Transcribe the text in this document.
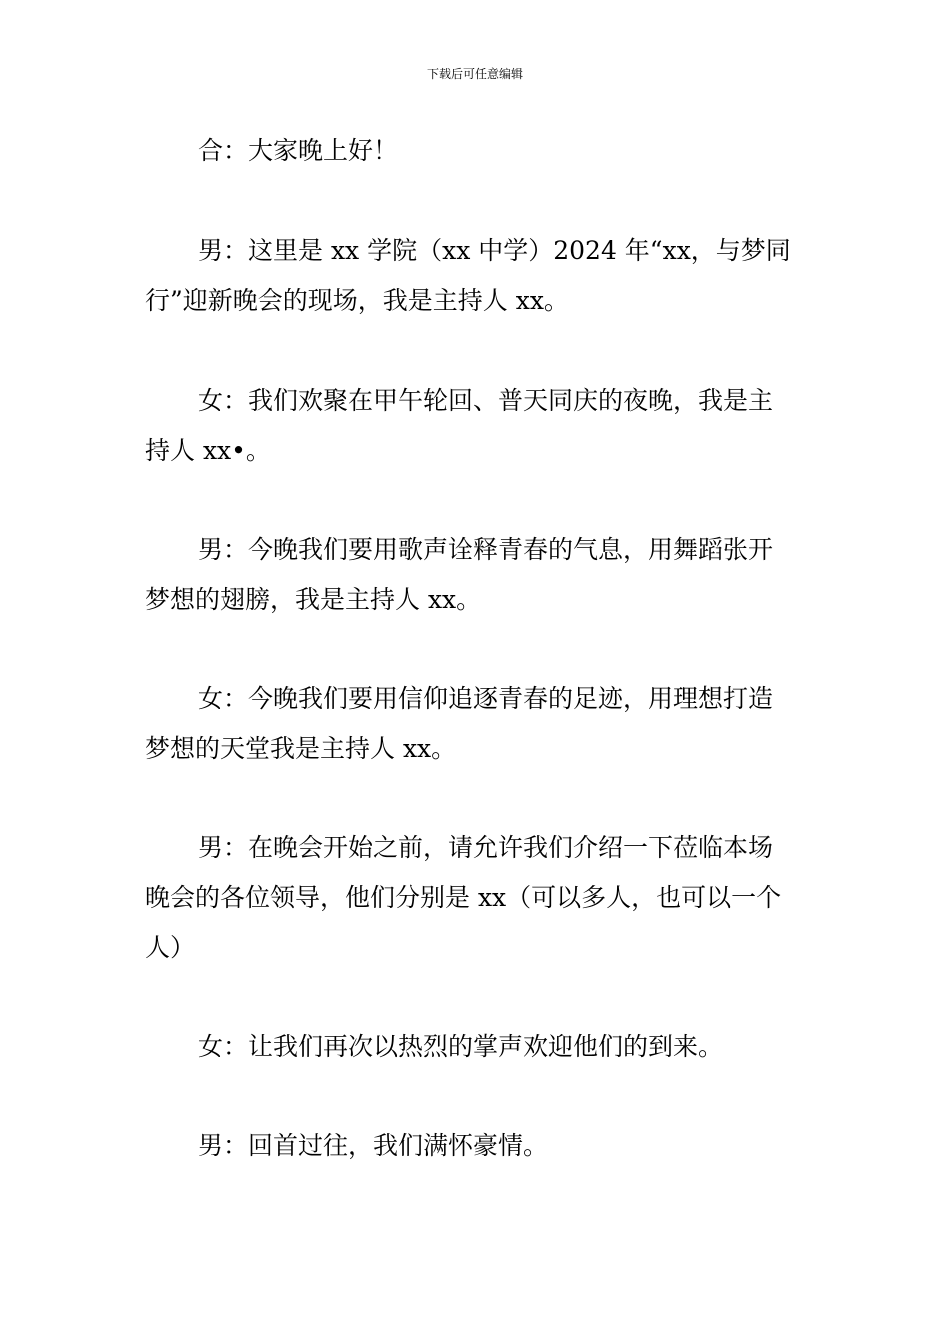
下载后可任意编辑
合：大家晚上好！
男：这里是 xx 学院（xx 中学）2024 年“xx，与梦同
行”迎新晚会的现场，我是主持人 xx。
女：我们欢聚在甲午轮回、普天同庆的夜晚，我是主
持人 xx•。
男：今晚我们要用歌声诠释青春的气息，用舞蹈张开
梦想的翅膀，我是主持人 xx。
女：今晚我们要用信仰追逐青春的足迹，用理想打造
梦想的天堂我是主持人 xx。
男：在晚会开始之前，请允许我们介绍一下莅临本场
晚会的各位领导，他们分别是 xx（可以多人，也可以一个
人）
女：让我们再次以热烈的掌声欢迎他们的到来。
男：回首过往，我们满怀豪情。
